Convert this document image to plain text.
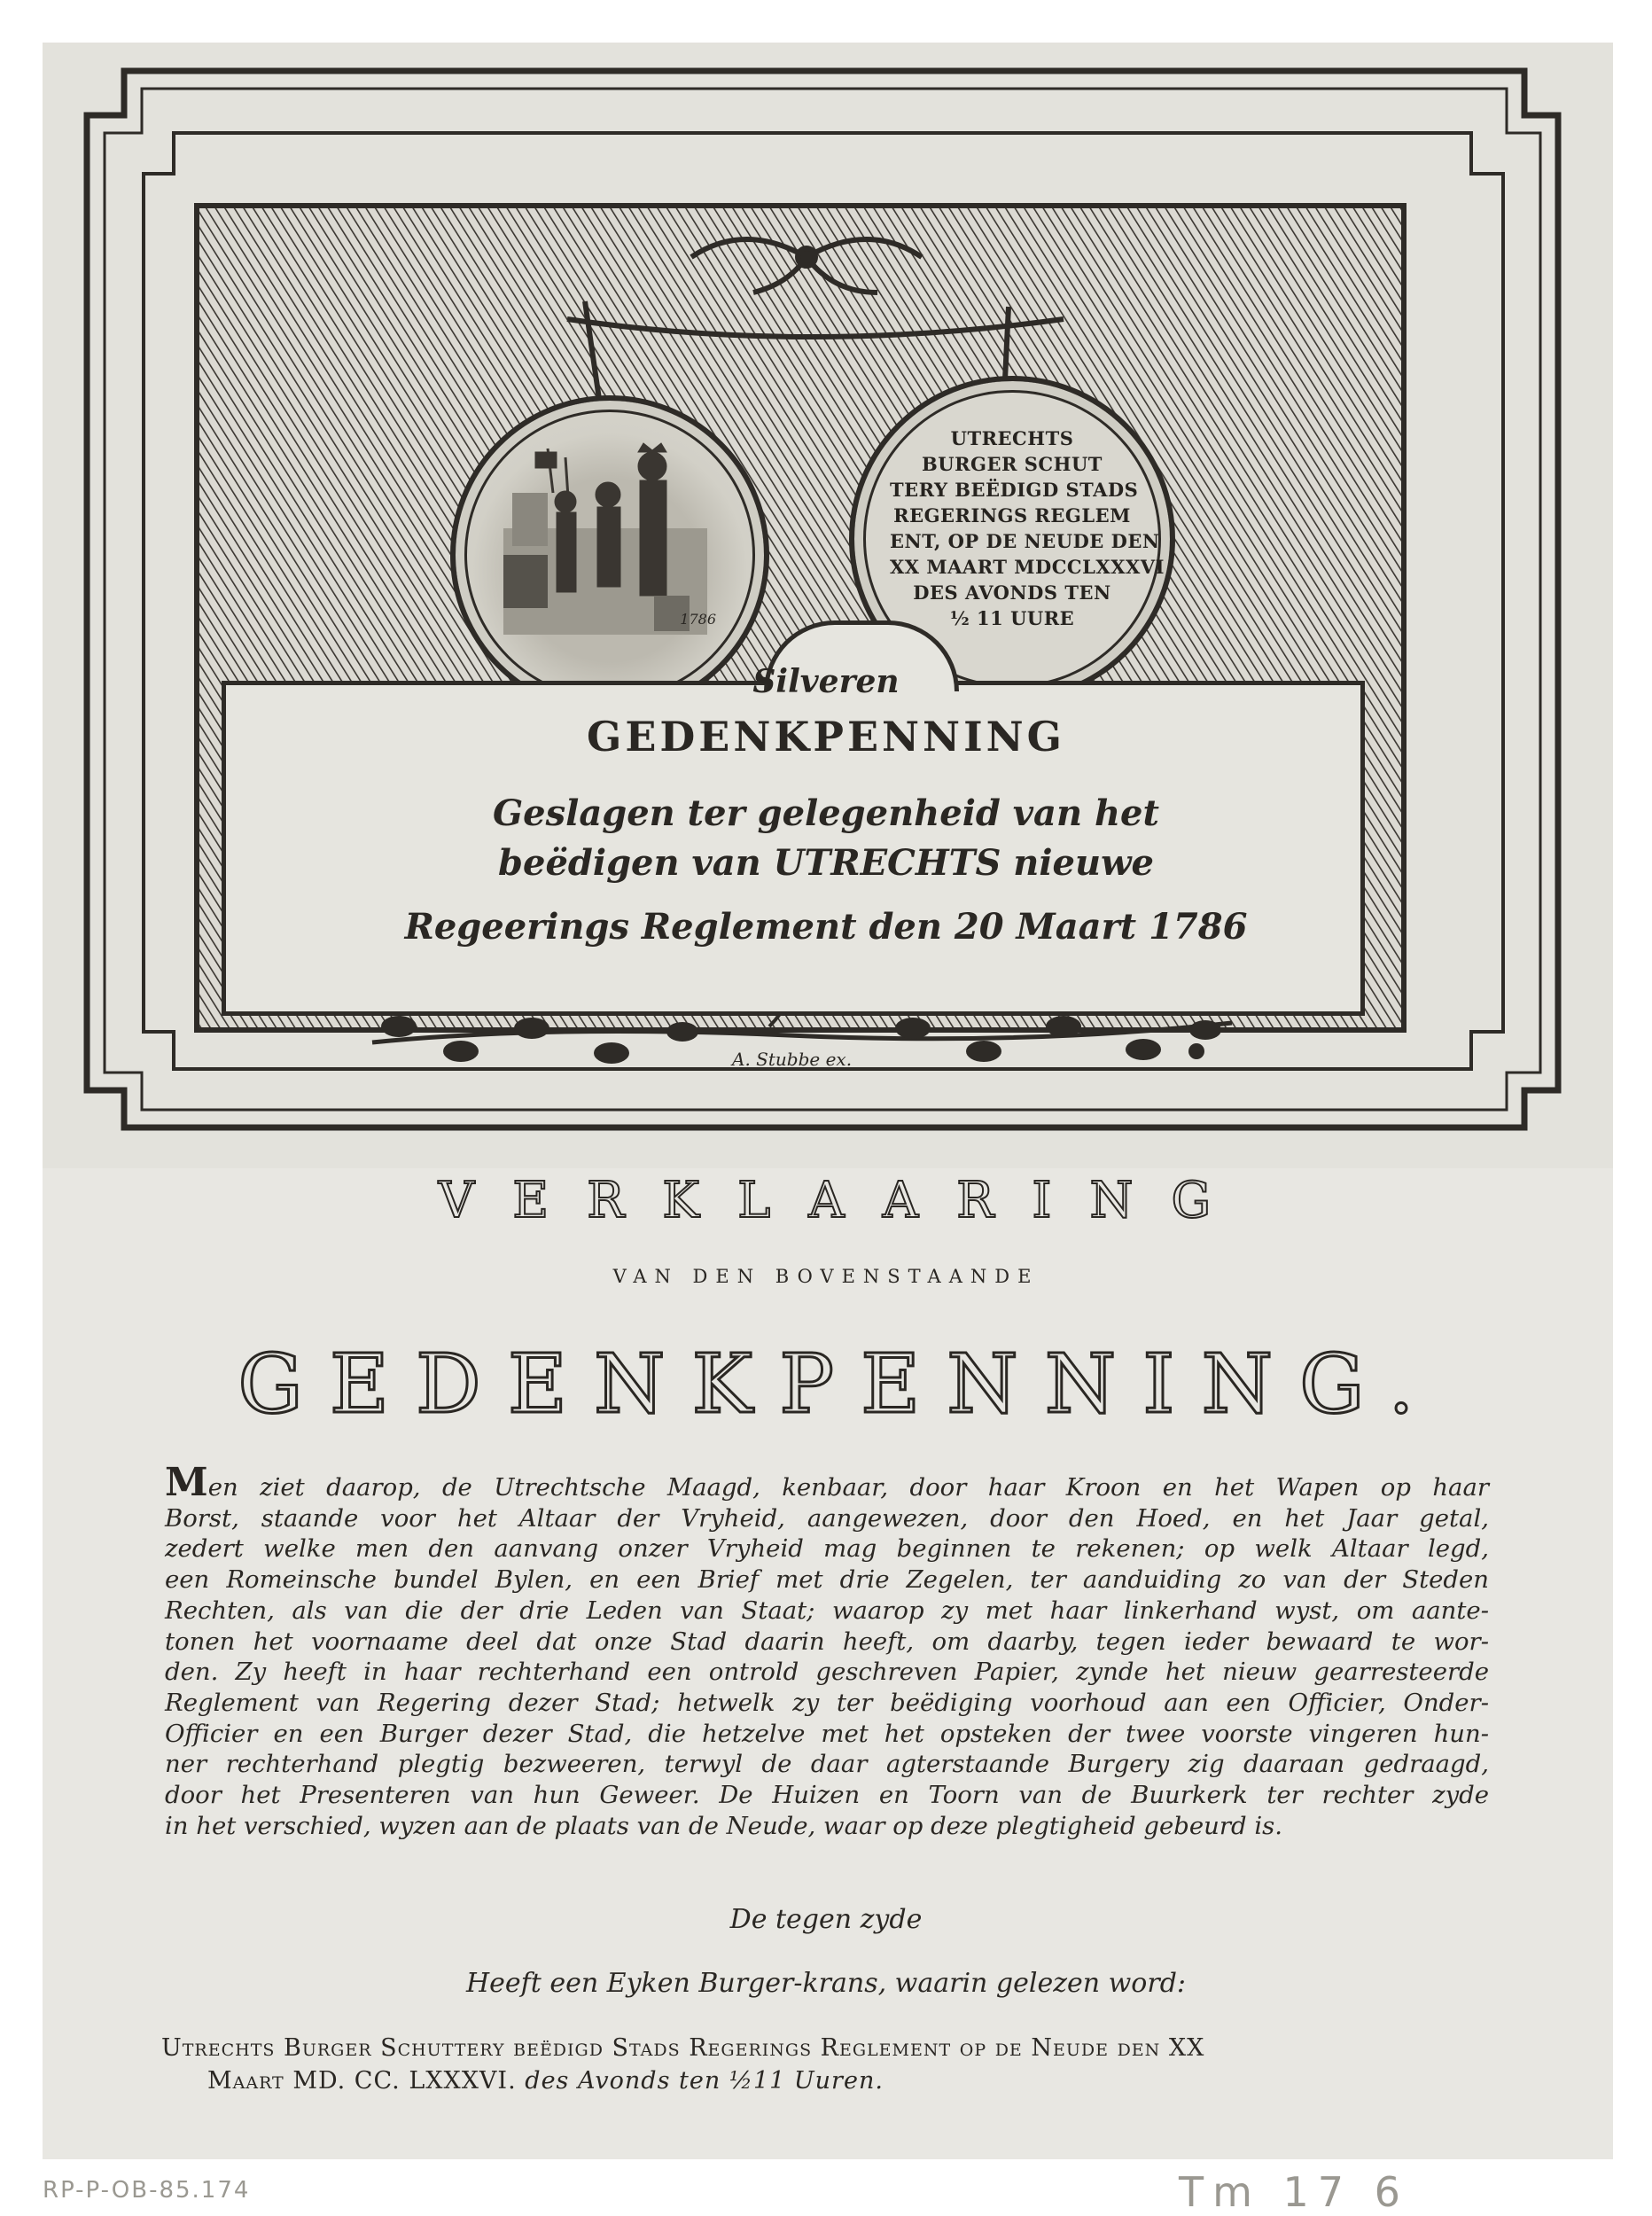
1786
UTRECHTS
BURGER SCHUT
TERY BEËDIGD STADS
REGERINGS REGLEM
ENT, OP DE NEUDE DEN
XX MAART MDCCLXXXVI
DES AVONDS TEN
½ 11 UURE
Silveren
GEDENKPENNING
Geslagen ter gelegenheid van het
beëdigen van UTRECHTS nieuwe
Regeerings Reglement den 20 Maart 1786
A. Stubbe ex.
VERKLAARING
VAN DEN BOVENSTAANDE
GEDENKPENNING.
Men ziet daarop, de Utrechtsche Maagd, kenbaar, door haar Kroon en het Wapen op haar
Borst, staande voor het Altaar der Vryheid, aangewezen, door den Hoed, en het Jaar getal,
zedert welke men den aanvang onzer Vryheid mag beginnen te rekenen; op welk Altaar legd,
een Romeinsche bundel Bylen, en een Brief met drie Zegelen, ter aanduiding zo van der Steden
Rechten, als van die der drie Leden van Staat; waarop zy met haar linkerhand wyst, om aante-
tonen het voornaame deel dat onze Stad daarin heeft, om daarby, tegen ieder bewaard te wor-
den. Zy heeft in haar rechterhand een ontrold geschreven Papier, zynde het nieuw gearresteerde
Reglement van Regering dezer Stad; hetwelk zy ter beëdiging voorhoud aan een Officier, Onder-
Officier en een Burger dezer Stad, die hetzelve met het opsteken der twee voorste vingeren hun-
ner rechterhand plegtig bezweeren, terwyl de daar agterstaande Burgery zig daaraan gedraagd,
door het Presenteren van hun Geweer. De Huizen en Toorn van de Buurkerk ter rechter zyde
in het verschied, wyzen aan de plaats van de Neude, waar op deze plegtigheid gebeurd is.
De tegen zyde
Heeft een Eyken Burger-krans, waarin gelezen word:
Utrechts Burger Schuttery beëdigd Stads Regerings Reglement op de Neude den XX
Maart MD. CC. LXXXVI. des Avonds ten ½11 Uuren.
RP-P-OB-85.174	Tm 17 6
